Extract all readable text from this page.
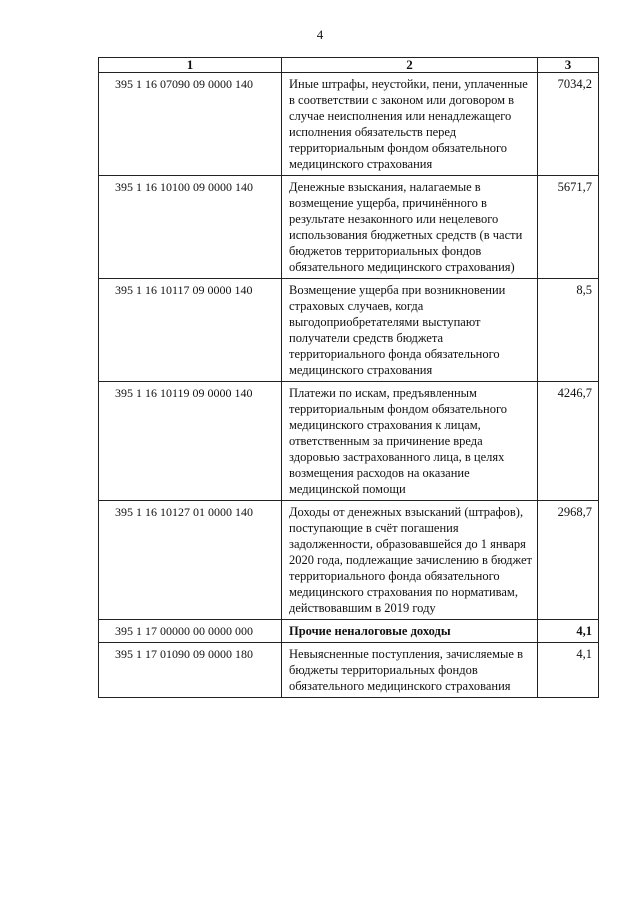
4
1	2	3
395 1 16 07090 09 0000 140	Иные штрафы, неустойки, пени, уплаченные в соответствии с законом или договором в случае неисполнения или ненадлежащего исполнения обязательств перед территориальным фондом обязательного медицинского страхования	7034,2
395 1 16 10100 09 0000 140	Денежные взыскания, налагаемые в возмещение ущерба, причинённого в результате незаконного или нецелевого использования бюджетных средств (в части бюджетов территориальных фондов обязательного медицинского страхования)	5671,7
395 1 16 10117 09 0000 140	Возмещение ущерба при возникновении страховых случаев, когда выгодоприобретателями выступают получатели средств бюджета территориального фонда обязательного медицинского страхования	8,5
395 1 16 10119 09 0000 140	Платежи по искам, предъявленным территориальным фондом обязательного медицинского страхования к лицам, ответственным за причинение вреда здоровью застрахованного лица, в целях возмещения расходов на оказание медицинской помощи	4246,7
395 1 16 10127 01 0000 140	Доходы от денежных взысканий (штрафов), поступающие в счёт погашения задолженности, образовавшейся до 1 января 2020 года, подлежащие зачислению в бюджет территориального фонда обязательного медицинского страхования по нормативам, действовавшим в 2019 году	2968,7
395 1 17 00000 00 0000 000	Прочие неналоговые доходы	4,1
395 1 17 01090 09 0000 180	Невыясненные поступления, зачисляемые в бюджеты территориальных фондов обязательного медицинского страхования	4,1
